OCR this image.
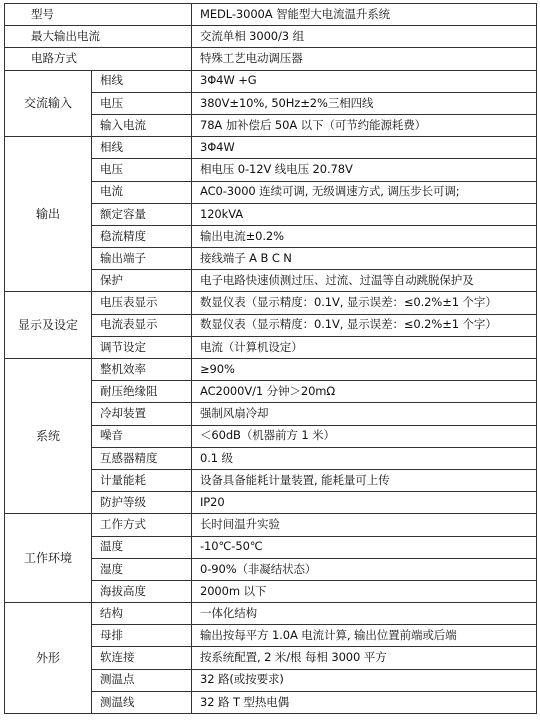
型号		MEDL-3000A 智能型大电流温升系统
最大输出电流		交流单相 3000/3 组
电路方式		特殊工艺电动调压器
交流输入	相线	3Φ4W +G
	电压	380V±10%, 50Hz±2%三相四线
	输入电流	78A 加补偿后 50A 以下（可节约能源耗费）
输出	相线	3Φ4W
	电压	相电压 0-12V 线电压 20.78V
	电流	AC0-3000 连续可调, 无级调速方式, 调压步长可调;
	额定容量	120kVA
	稳流精度	输出电流±0.2%
	输出端子	接线端子 A B C N
	保护	电子电路快速侦测过压、过流、过温等自动跳脱保护及
显示及设定	电压表显示	数显仪表（显示精度：0.1V, 显示误差：≤0.2%±1 个字）
	电流表显示	数显仪表（显示精度：0.1V, 显示误差：≤0.2%±1 个字）
	调节设定	电流（计算机设定）
系统	整机效率	≥90%
	耐压绝缘阻	AC2000V/1 分钟＞20mΩ
	冷却装置	强制风扇冷却
	噪音	＜60dB（机器前方 1 米）
	互感器精度	0.1 级
	计量能耗	设备具备能耗计量装置, 能耗量可上传
	防护等级	IP20
工作环境	工作方式	长时间温升实验
	温度	-10℃-50℃
	湿度	0-90%（非凝结状态）
	海拔高度	2000m 以下
外形	结构	一体化结构
	母排	输出按每平方 1.0A 电流计算, 输出位置前端或后端
	软连接	按系统配置, 2 米/根 每相 3000 平方
	测温点	32 路(或按要求)
	测温线	32 路 T 型热电偶
